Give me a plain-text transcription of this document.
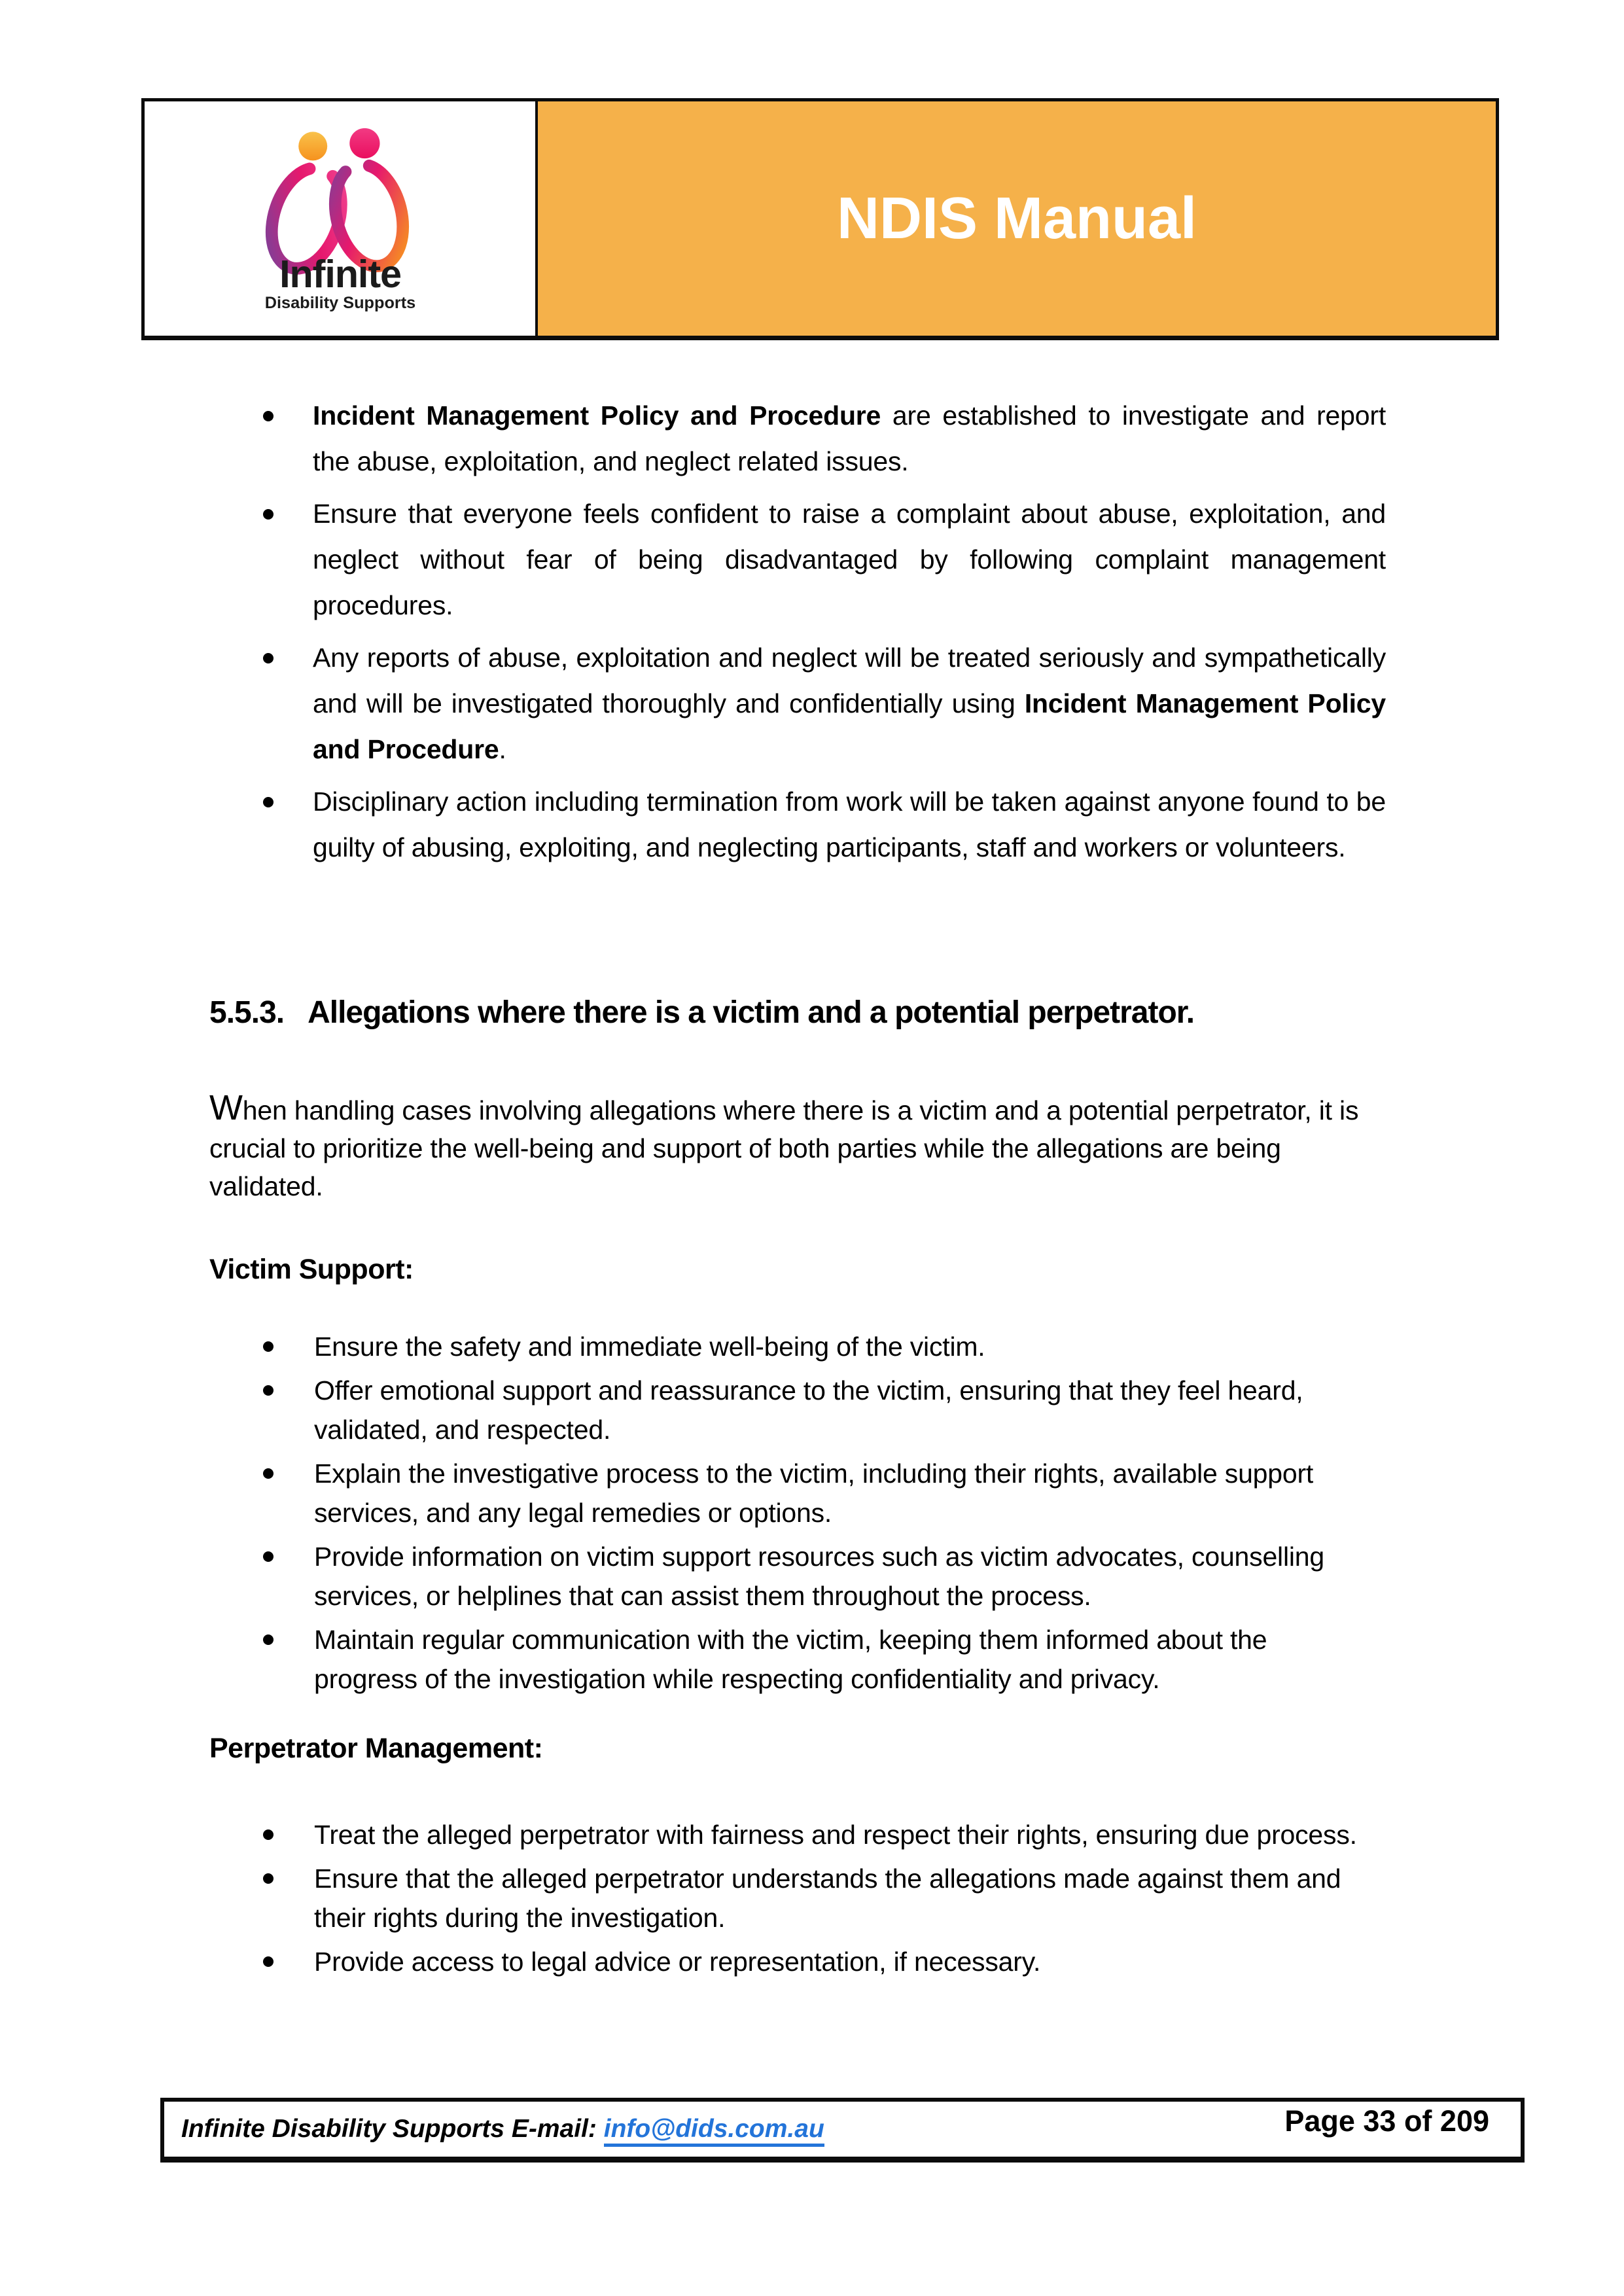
Infinite
Disability Supports
NDIS Manual
Incident Management Policy and Procedure are established to investigate and report the abuse, exploitation, and neglect related issues.
Ensure that everyone feels confident to raise a complaint about abuse, exploitation, and neglect without fear of being disadvantaged by following complaint management procedures.
Any reports of abuse, exploitation and neglect will be treated seriously and sympathetically and will be investigated thoroughly and confidentially using Incident Management Policy and Procedure.
Disciplinary action including termination from work will be taken against anyone found to be guilty of abusing, exploiting, and neglecting participants, staff and workers or volunteers.
5.5.3. Allegations where there is a victim and a potential perpetrator.
When handling cases involving allegations where there is a victim and a potential perpetrator, it is crucial to prioritize the well-being and support of both parties while the allegations are being validated.
Victim Support:
Ensure the safety and immediate well-being of the victim.
Offer emotional support and reassurance to the victim, ensuring that they feel heard, validated, and respected.
Explain the investigative process to the victim, including their rights, available support services, and any legal remedies or options.
Provide information on victim support resources such as victim advocates, counselling services, or helplines that can assist them throughout the process.
Maintain regular communication with the victim, keeping them informed about the progress of the investigation while respecting confidentiality and privacy.
Perpetrator Management:
Treat the alleged perpetrator with fairness and respect their rights, ensuring due process.
Ensure that the alleged perpetrator understands the allegations made against them and their rights during the investigation.
Provide access to legal advice or representation, if necessary.
Infinite Disability Supports E-mail: info@dids.com.au	Page 33 of 209
